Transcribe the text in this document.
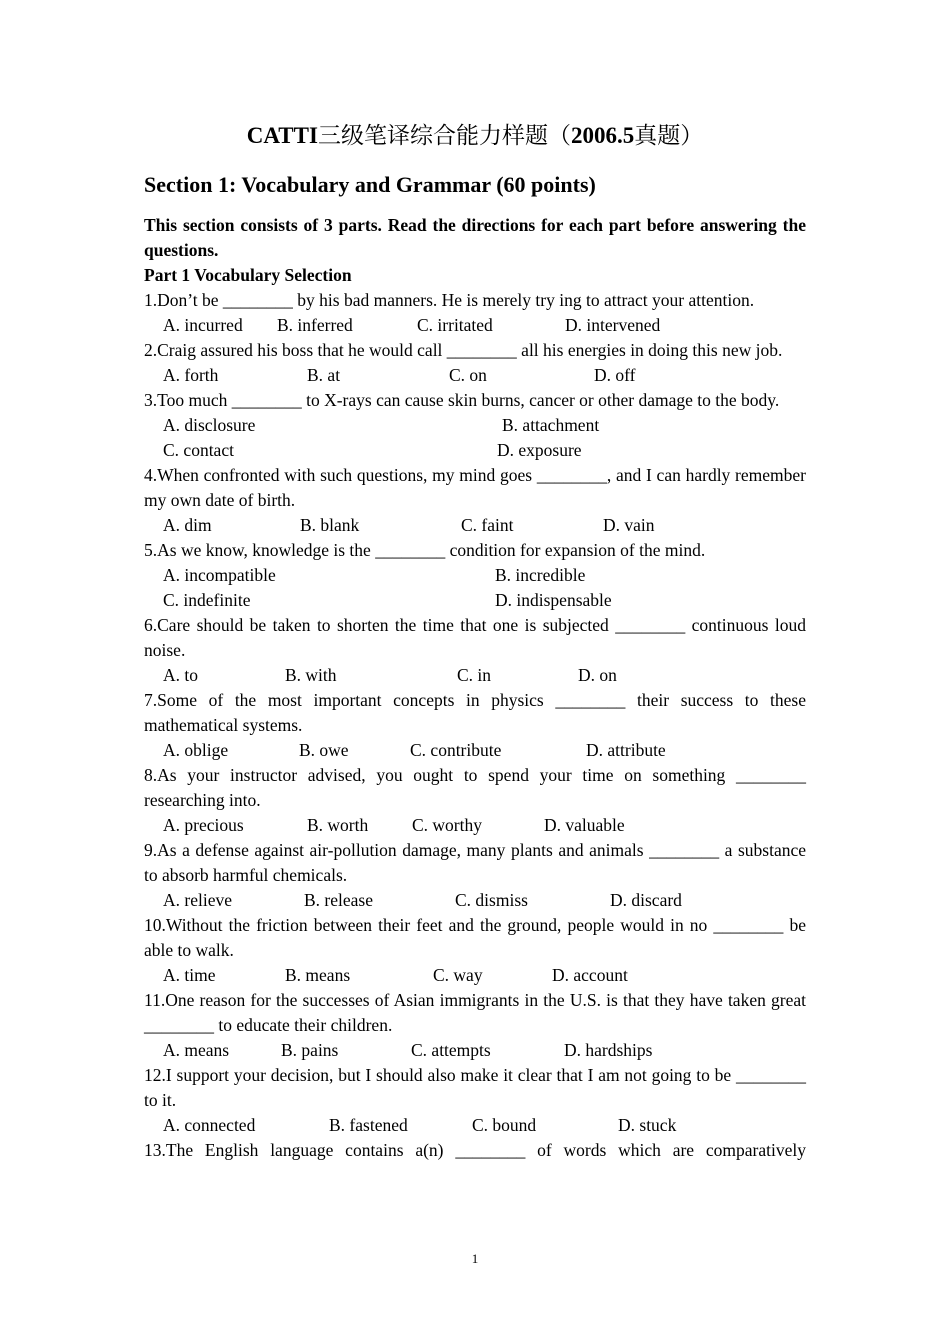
CATTI三级笔译综合能力样题（2006.5真题）
Section 1: Vocabulary and Grammar (60 points)
This section consists of 3 parts. Read the directions for each part before answering the questions.
Part 1 Vocabulary Selection
1.Don’t be ________ by his bad manners. He is merely try ing to attract your attention.
A. incurred B. inferred	C. irritated	D. intervened
2.Craig assured his boss that he would call ________ all his energies in doing this new job.
A. forth	B. at	C. on	D. off
3.Too much ________ to X-rays can cause skin burns, cancer or other damage to the body.
A. disclosure	B. attachment
C. contact	D. exposure
4.When confronted with such questions, my mind goes ________, and I can hardly remember my own date of birth.
A. dim	B. blank	C. faint	D. vain
5.As we know, knowledge is the ________ condition for expansion of the mind.
A. incompatible	B. incredible
C. indefinite	D. indispensable
6.Care should be taken to shorten the time that one is subjected ________ continuous loud noise.
A. to	B. with	C. in	D. on
7.Some of the most important concepts in physics ________ their success to these mathematical systems.
A. oblige	B. owe	C. contribute	D. attribute
8.As your instructor advised, you ought to spend your time on something ________ researching into.
A. precious	B. worth	C. worthy	D. valuable
9.As a defense against air-pollution damage, many plants and animals ________ a substance to absorb harmful chemicals.
A. relieve	B. release	C. dismiss	D. discard
10.Without the friction between their feet and the ground, people would in no ________ be able to walk.
A. time	B. means	C. way	D. account
11.One reason for the successes of Asian immigrants in the U.S. is that they have taken great ________ to educate their children.
A. means	B. pains	C. attempts	D. hardships
12.I support your decision, but I should also make it clear that I am not going to be ________ to it.
A. connected	B. fastened	C. bound	D. stuck
13.The English language contains a(n) ________ of words which are comparatively
1
